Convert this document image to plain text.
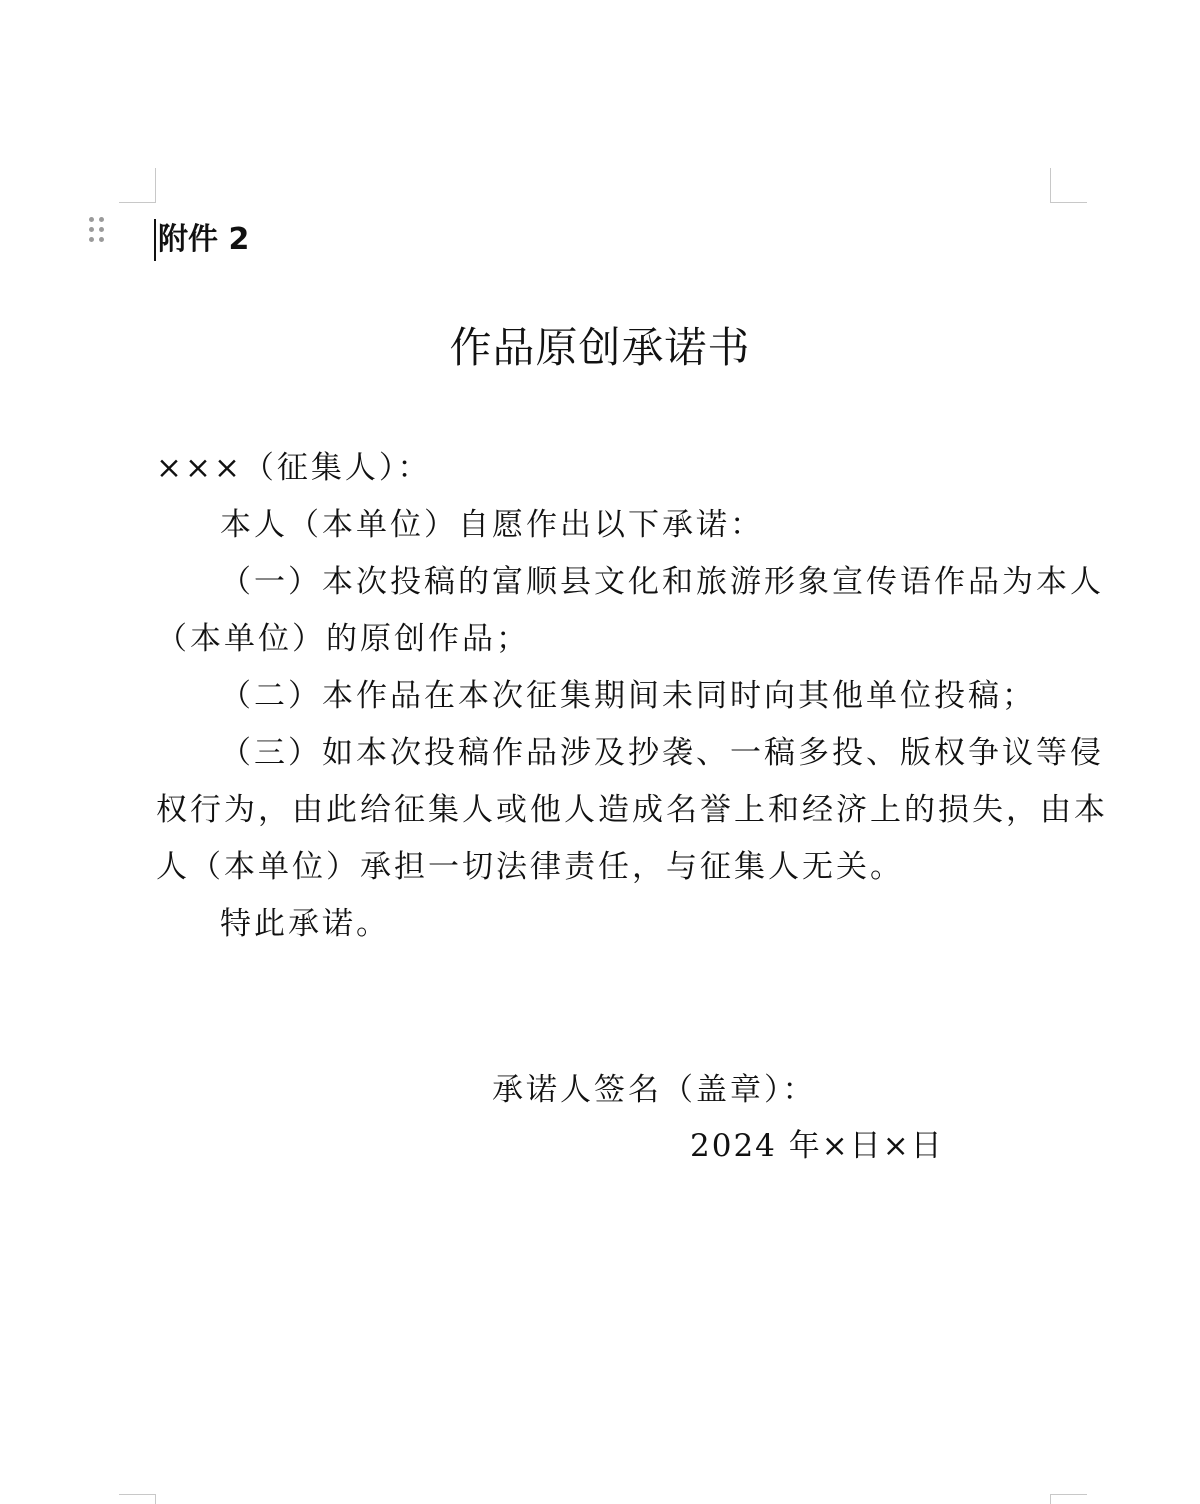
附件 2
作品原创承诺书

×××（征集人）：

本人（本单位）自愿作出以下承诺：

（一）本次投稿的富顺县文化和旅游形象宣传语作品为本人

（本单位）的原创作品；

（二）本作品在本次征集期间未同时向其他单位投稿；

（三）如本次投稿作品涉及抄袭、一稿多投、版权争议等侵

权行为，由此给征集人或他人造成名誉上和经济上的损失，由本

人（本单位）承担一切法律责任，与征集人无关。

特此承诺。

承诺人签名（盖章）：
2024 年×日×日
